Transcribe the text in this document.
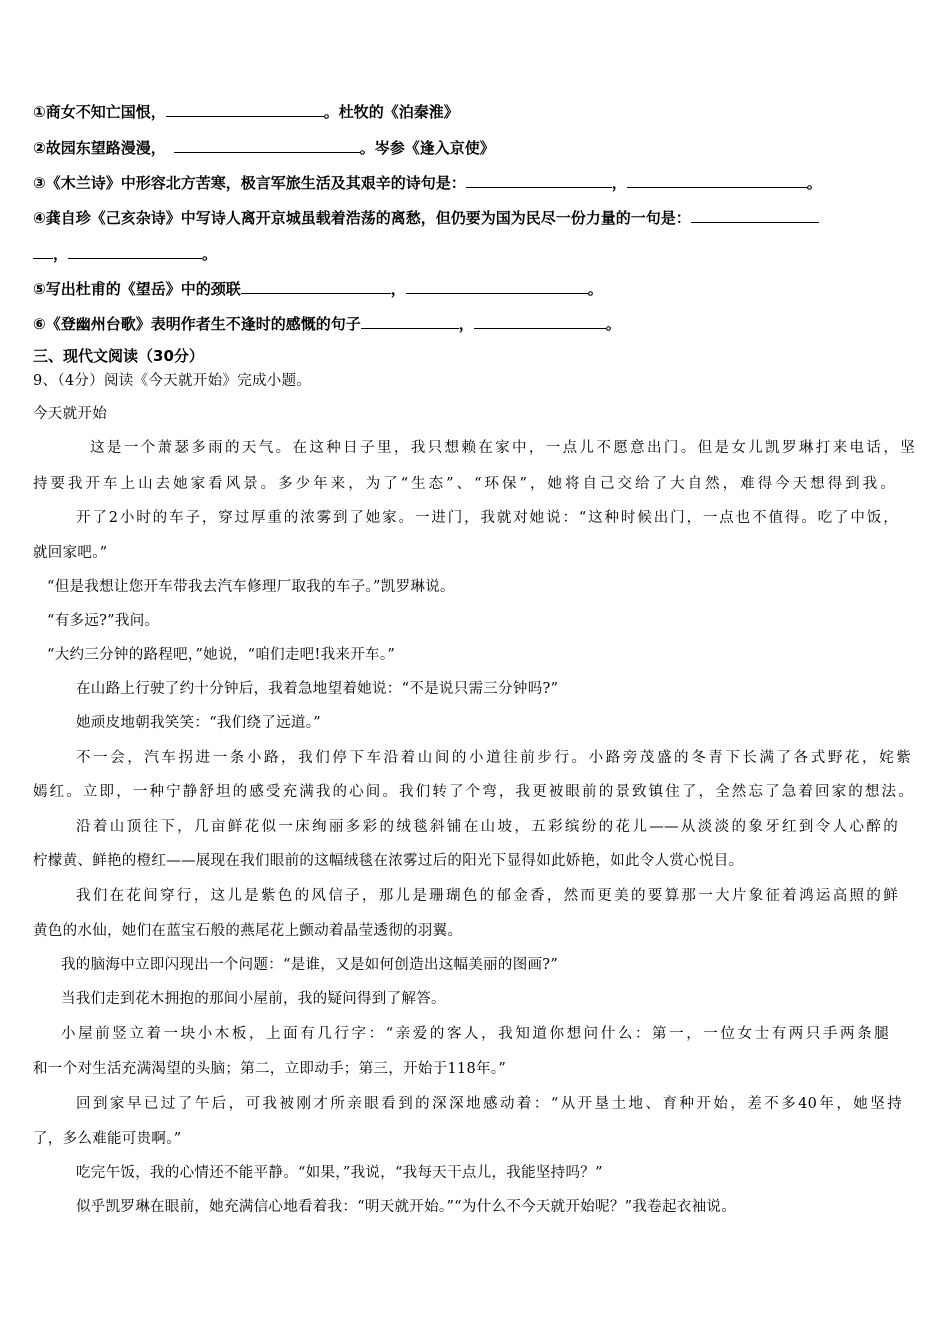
①商女不知亡国恨，	。杜牧的《泊秦淮》
②故园东望路漫漫，	。岑参《逢入京使》
③《木兰诗》中形容北方苦寒，极言军旅生活及其艰辛的诗句是：	，	。
④龚自珍《己亥杂诗》中写诗人离开京城虽载着浩荡的离愁，但仍要为国为民尽一份力量的一句是：
，	。
⑤写出杜甫的《望岳》中的颈联	，	。
⑥《登幽州台歌》表明作者生不逢时的感慨的句子	，	。
三、现代文阅读（30分）
9、（4分）阅读《今天就开始》完成小题。
今天就开始
这是一个萧瑟多雨的天气。在这种日子里，我只想赖在家中，一点儿不愿意出门。但是女儿凯罗琳打来电话，坚
持要我开车上山去她家看风景。多少年来，为了“生态”、“环保”，她将自己交给了大自然，难得今天想得到我。
开了2小时的车子，穿过厚重的浓雾到了她家。一进门，我就对她说：“这种时候出门，一点也不值得。吃了中饭，
就回家吧。”
“但是我想让您开车带我去汽车修理厂取我的车子。”凯罗琳说。
“有多远?”我问。
“大约三分钟的路程吧，”她说，“咱们走吧!我来开车。”
在山路上行驶了约十分钟后，我着急地望着她说：“不是说只需三分钟吗?”
她顽皮地朝我笑笑：“我们绕了远道。”
不一会，汽车拐进一条小路，我们停下车沿着山间的小道往前步行。小路旁茂盛的冬青下长满了各式野花，姹紫
嫣红。立即，一种宁静舒坦的感受充满我的心间。我们转了个弯，我更被眼前的景致镇住了，全然忘了急着回家的想法。
沿着山顶往下，几亩鲜花似一床绚丽多彩的绒毯斜铺在山坡，五彩缤纷的花儿——从淡淡的象牙红到令人心醉的
柠檬黄、鲜艳的橙红——展现在我们眼前的这幅绒毯在浓雾过后的阳光下显得如此娇艳，如此令人赏心悦目。
我们在花间穿行，这儿是紫色的风信子，那儿是珊瑚色的郁金香，然而更美的要算那一大片象征着鸿运高照的鲜
黄色的水仙，她们在蓝宝石般的燕尾花上颤动着晶莹透彻的羽翼。
我的脑海中立即闪现出一个问题：“是谁，又是如何创造出这幅美丽的图画?”
当我们走到花木拥抱的那间小屋前，我的疑问得到了解答。
小屋前竖立着一块小木板，上面有几行字：“亲爱的客人，我知道你想问什么：第一，一位女士有两只手两条腿
和一个对生活充满渴望的头脑；第二，立即动手；第三，开始于118年。”
回到家早已过了午后，可我被刚才所亲眼看到的深深地感动着：“从开垦土地、育种开始，差不多40年，她坚持
了，多么难能可贵啊。”
吃完午饭，我的心情还不能平静。“如果，”我说，“我每天干点儿，我能坚持吗？”
似乎凯罗琳在眼前，她充满信心地看着我：“明天就开始。”“为什么不今天就开始呢？”我卷起衣袖说。
